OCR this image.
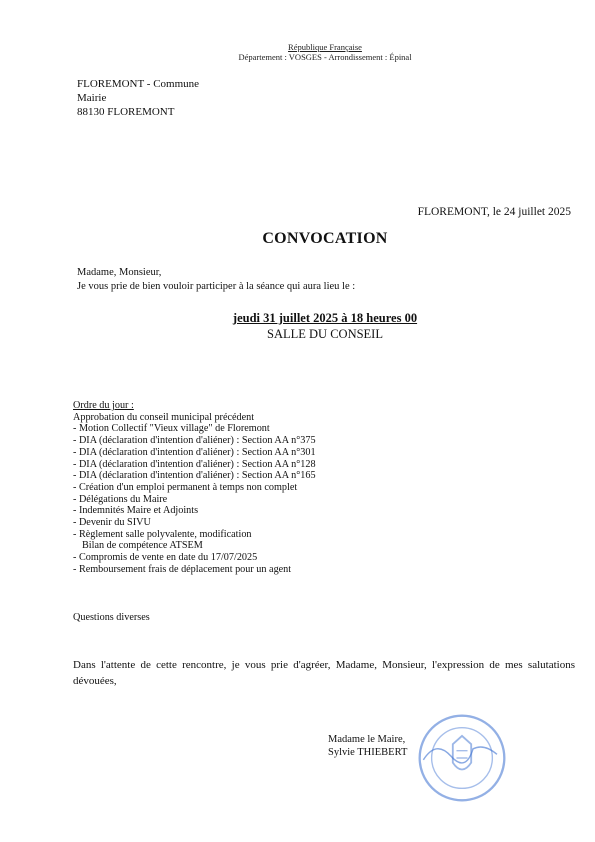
République Française
Département : VOSGES - Arrondissement : Épinal
FLOREMONT - Commune
Mairie
88130 FLOREMONT
FLOREMONT, le 24 juillet 2025
CONVOCATION
Madame, Monsieur,
Je vous prie de bien vouloir participer à la séance qui aura lieu le :
jeudi 31 juillet 2025 à 18 heures 00
SALLE DU CONSEIL
Ordre du jour :
Approbation du conseil municipal précédent
- Motion Collectif "Vieux village" de Floremont
- DIA (déclaration d'intention d'aliéner) : Section AA n°375
- DIA (déclaration d'intention d'aliéner) : Section AA n°301
- DIA (déclaration d'intention d'aliéner) : Section AA n°128
- DIA (déclaration d'intention d'aliéner) : Section AA n°165
- Création d'un emploi permanent à temps non complet
- Délégations du Maire
- Indemnités Maire et Adjoints
- Devenir du SIVU
- Règlement salle polyvalente, modification
Bilan de compétence ATSEM
- Compromis de vente en date du 17/07/2025
- Remboursement frais de déplacement pour un agent
Questions diverses
Dans l'attente de cette rencontre, je vous prie d'agréer, Madame, Monsieur, l'expression de mes salutations dévouées,
Madame le Maire,
Sylvie THIEBERT
